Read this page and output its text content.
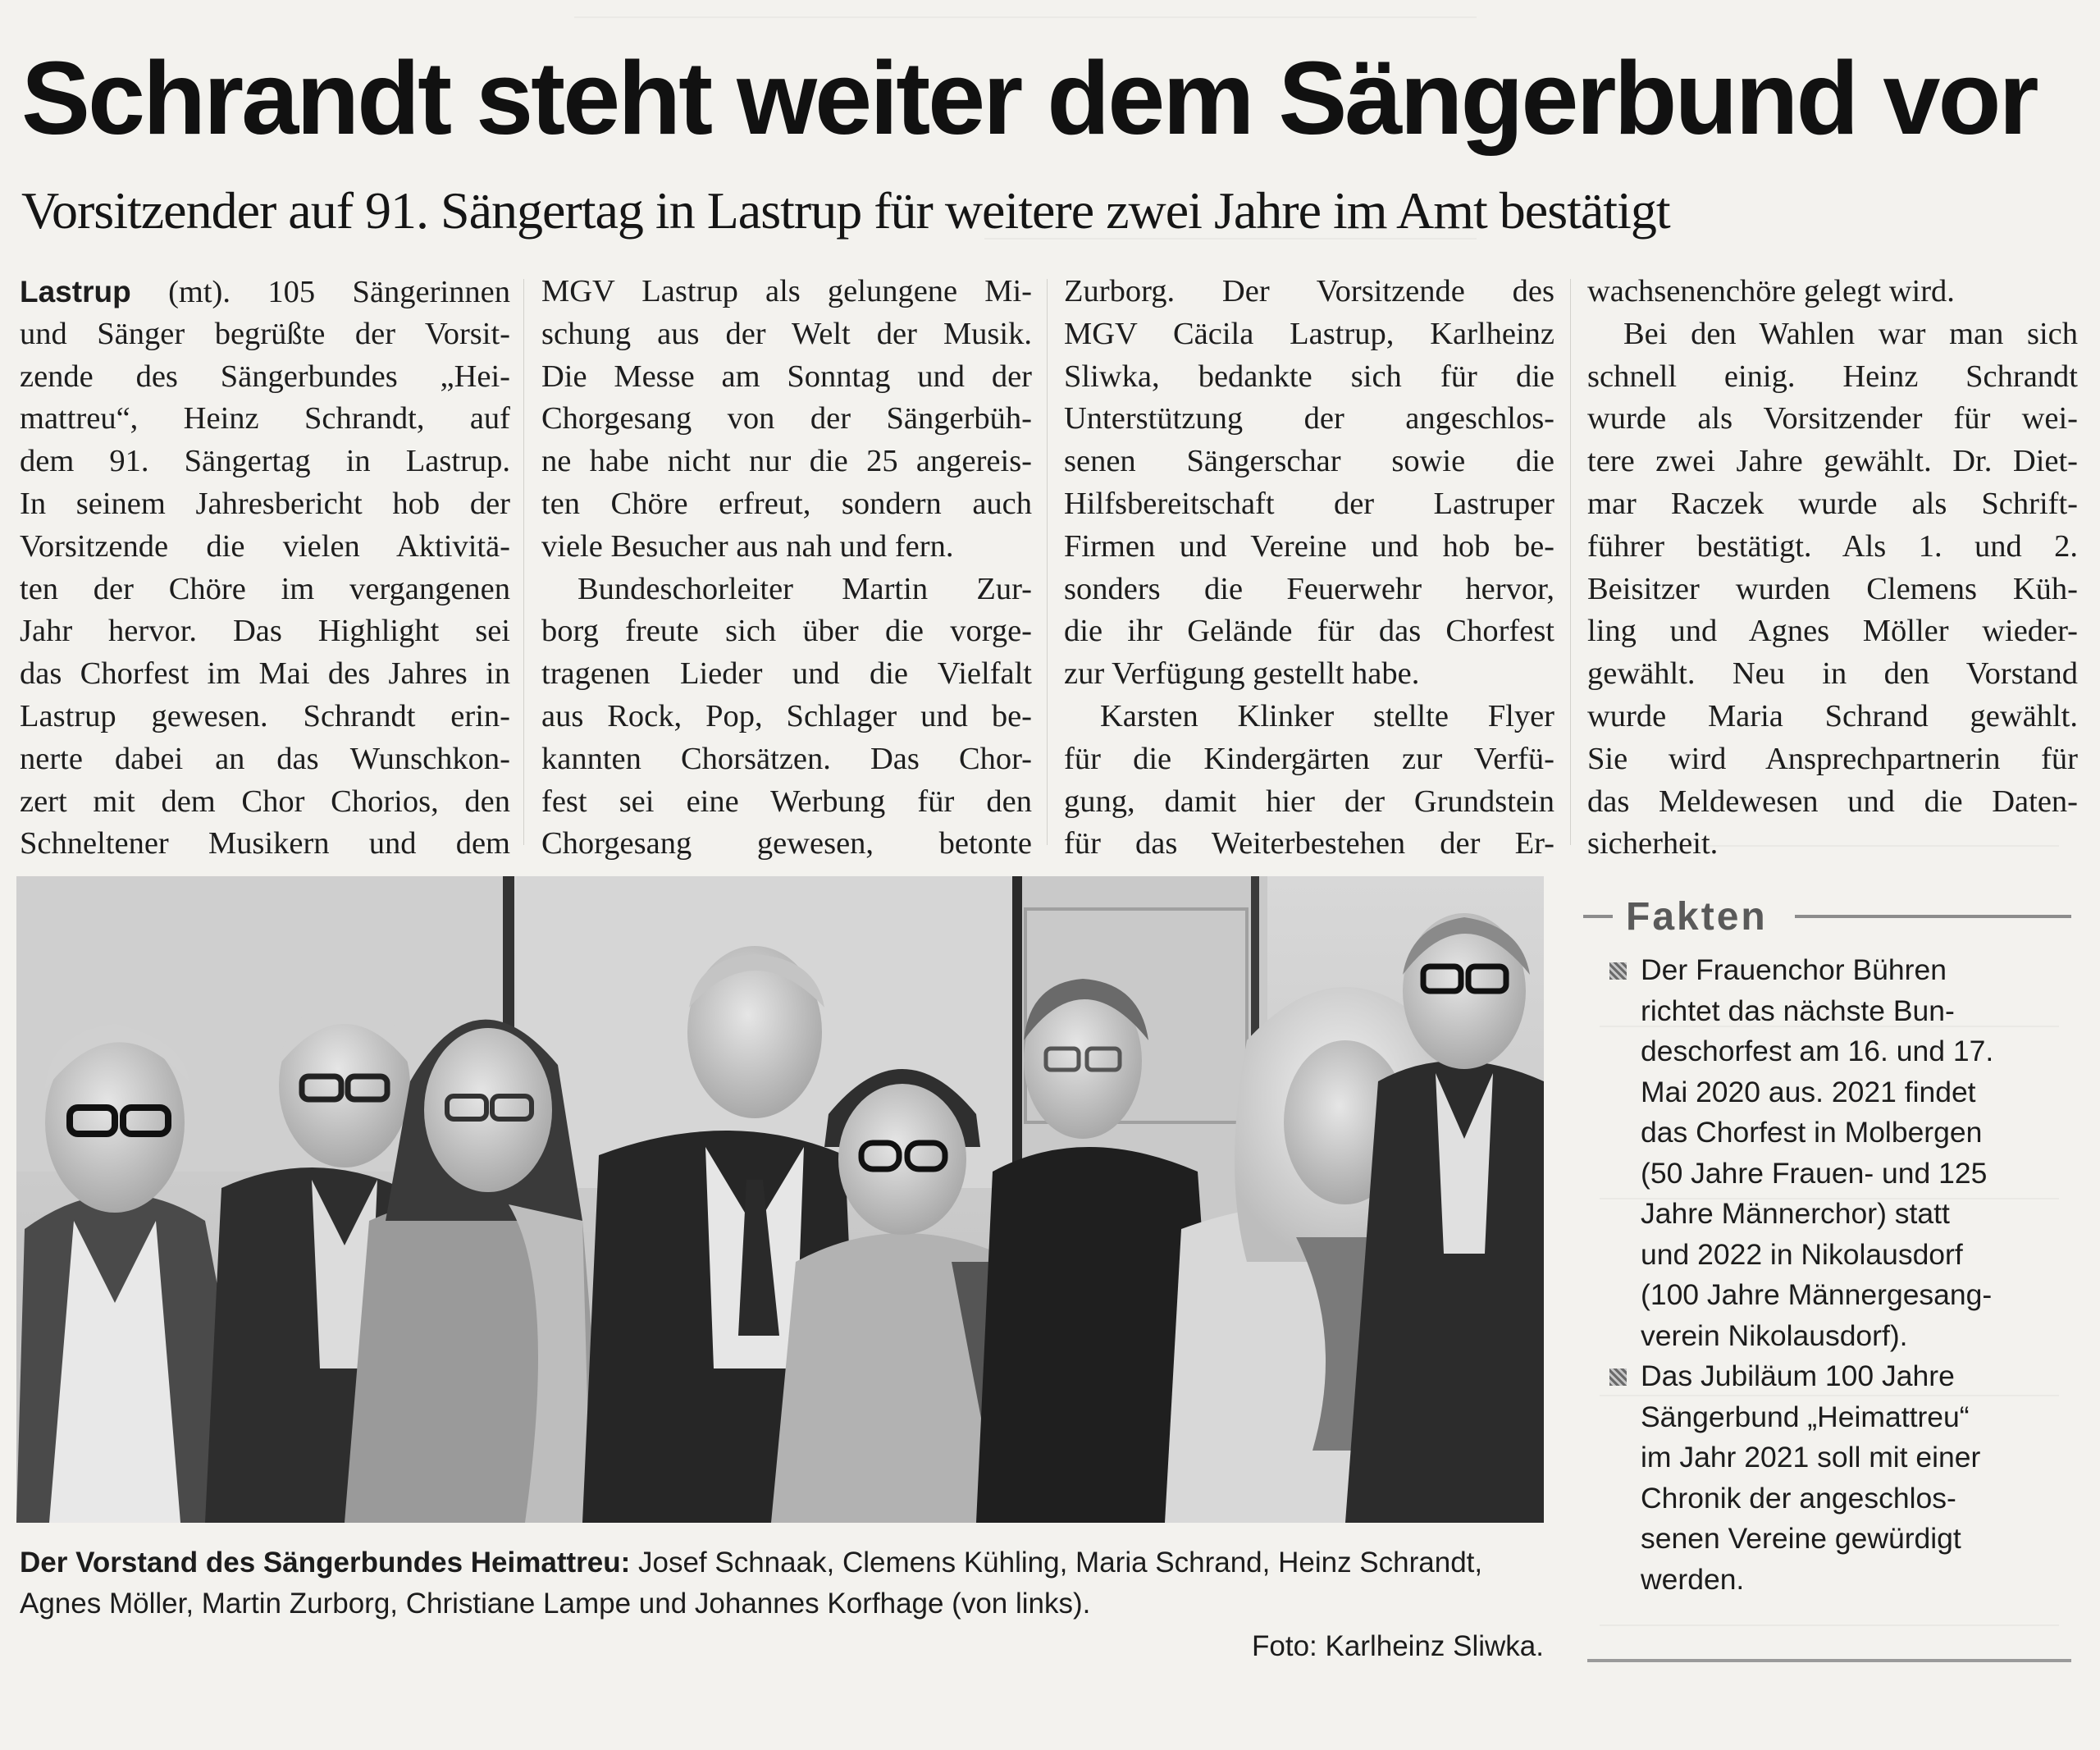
Schrandt steht weiter dem Sängerbund vor
Vorsitzender auf 91. Sängertag in Lastrup für weitere zwei Jahre im Amt bestätigt
Lastrup (mt). 105 Sängerinnen
und Sänger begrüßte der Vorsit-
zende des Sängerbundes „Hei-
mattreu“, Heinz Schrandt, auf
dem 91. Sängertag in Lastrup.
In seinem Jahresbericht hob der
Vorsitzende die vielen Aktivitä-
ten der Chöre im vergangenen
Jahr hervor. Das Highlight sei
das Chorfest im Mai des Jahres in
Lastrup gewesen. Schrandt erin-
nerte dabei an das Wunschkon-
zert mit dem Chor Chorios, den
Schneltener Musikern und dem
MGV Lastrup als gelungene Mi-
schung aus der Welt der Musik.
Die Messe am Sonntag und der
Chorgesang von der Sängerbüh-
ne habe nicht nur die 25 angereis-
ten Chöre erfreut, sondern auch
viele Besucher aus nah und fern.
Bundeschorleiter Martin Zur-
borg freute sich über die vorge-
tragenen Lieder und die Vielfalt
aus Rock, Pop, Schlager und be-
kannten Chorsätzen. Das Chor-
fest sei eine Werbung für den
Chorgesang gewesen, betonte
Zurborg. Der Vorsitzende des
MGV Cäcila Lastrup, Karlheinz
Sliwka, bedankte sich für die
Unterstützung der angeschlos-
senen Sängerschar sowie die
Hilfsbereitschaft der Lastruper
Firmen und Vereine und hob be-
sonders die Feuerwehr hervor,
die ihr Gelände für das Chorfest
zur Verfügung gestellt habe.
Karsten Klinker stellte Flyer
für die Kindergärten zur Verfü-
gung, damit hier der Grundstein
für das Weiterbestehen der Er-
wachsenenchöre gelegt wird.
Bei den Wahlen war man sich
schnell einig. Heinz Schrandt
wurde als Vorsitzender für wei-
tere zwei Jahre gewählt. Dr. Diet-
mar Raczek wurde als Schrift-
führer bestätigt. Als 1. und 2.
Beisitzer wurden Clemens Küh-
ling und Agnes Möller wieder-
gewählt. Neu in den Vorstand
wurde Maria Schrand gewählt.
Sie wird Ansprechpartnerin für
das Meldewesen und die Daten-
sicherheit.
Der Vorstand des Sängerbundes Heimattreu: Josef Schnaak, Clemens Kühling, Maria Schrand, Heinz Schrandt, Agnes Möller, Martin Zurborg, Christiane Lampe und Johannes Korfhage (von links).
Foto: Karlheinz Sliwka.
Fakten
Der Frauenchor Bühren
richtet das nächste Bun-
deschorfest am 16. und 17.
Mai 2020 aus. 2021 findet
das Chorfest in Molbergen
(50 Jahre Frauen- und 125
Jahre Männerchor) statt
und 2022 in Nikolausdorf
(100 Jahre Männergesang-
verein Nikolausdorf).
Das Jubiläum 100 Jahre
Sängerbund „Heimattreu“
im Jahr 2021 soll mit einer
Chronik der angeschlos-
senen Vereine gewürdigt
werden.
